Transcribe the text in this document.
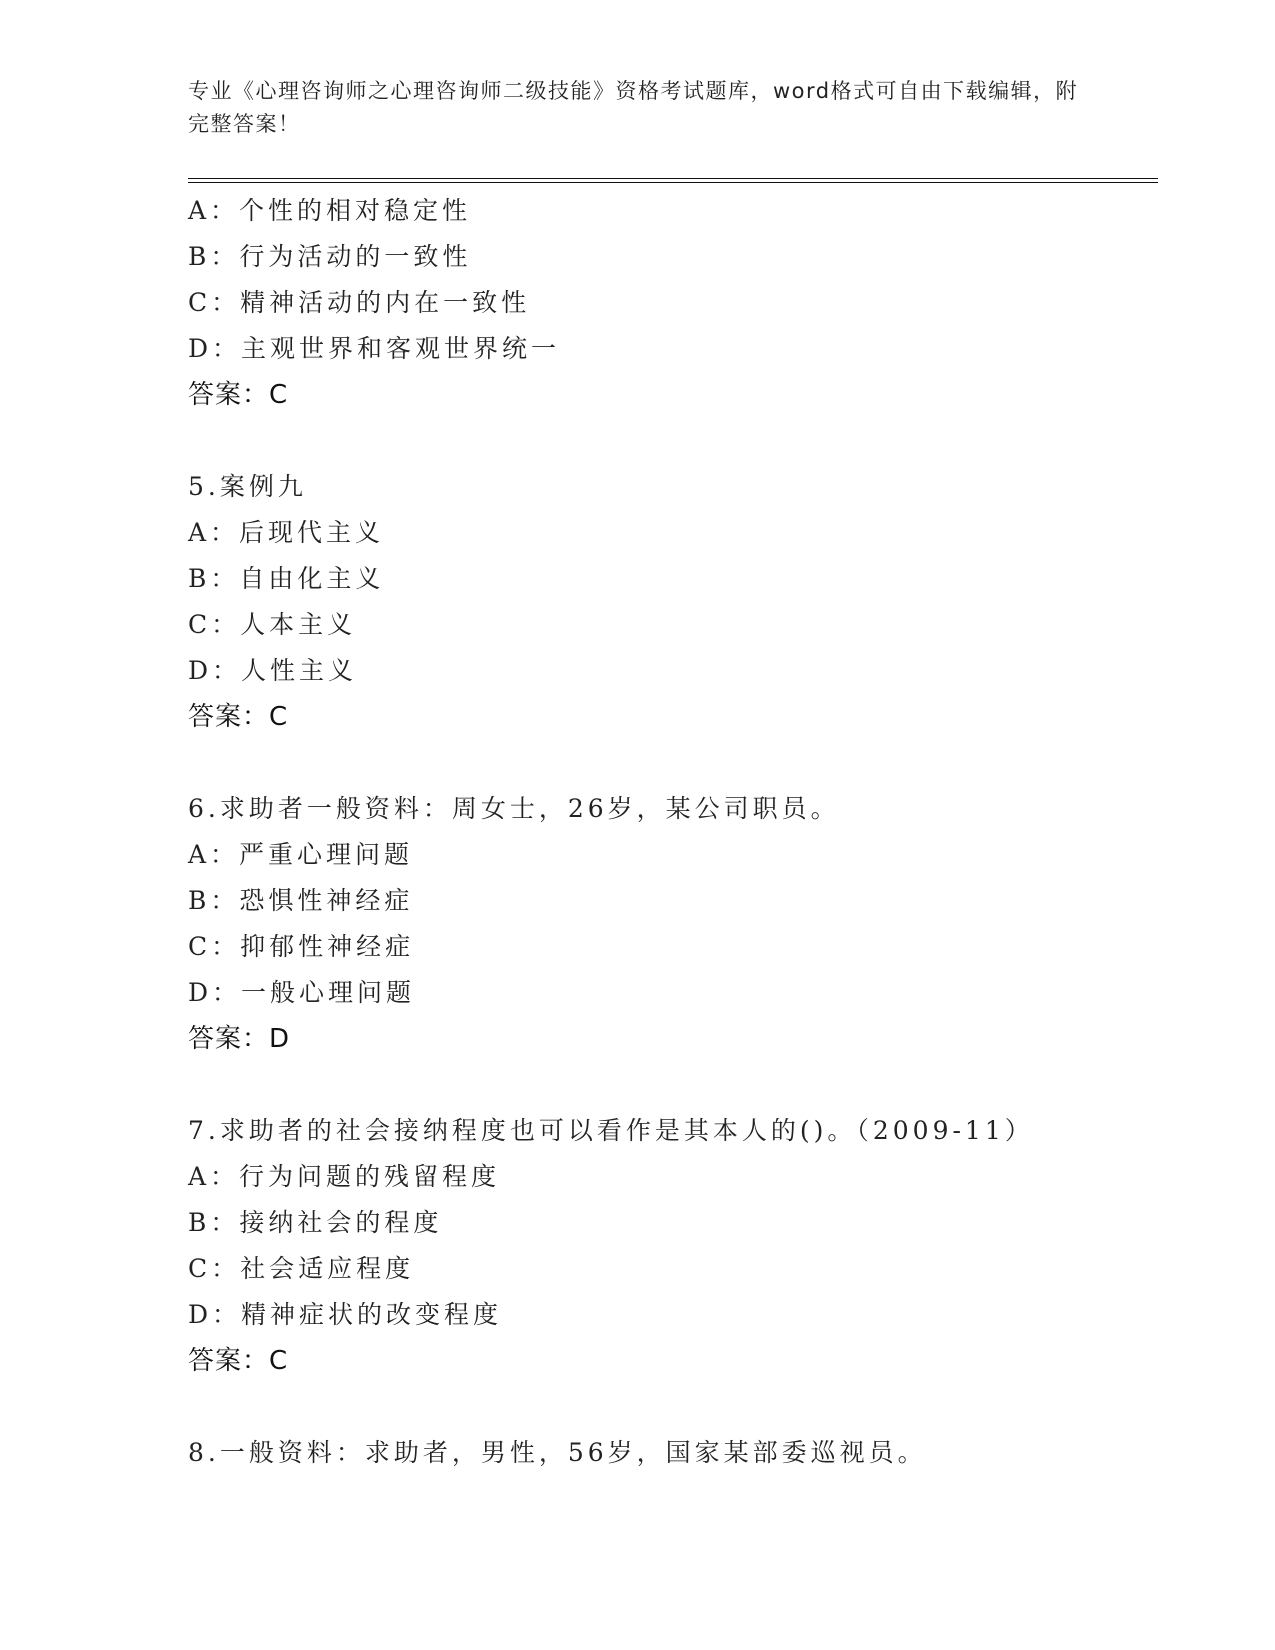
专业《心理咨询师之心理咨询师二级技能》资格考试题库，word格式可自由下载编辑，附完整答案！
A：个性的相对稳定性
B：行为活动的一致性
C：精神活动的内在一致性
D：主观世界和客观世界统一
答案：C
5.案例九
A：后现代主义
B：自由化主义
C：人本主义
D：人性主义
答案：C
6.求助者一般资料：周女士，26岁，某公司职员。
A：严重心理问题
B：恐惧性神经症
C：抑郁性神经症
D：一般心理问题
答案：D
7.求助者的社会接纳程度也可以看作是其本人的()。（2009-11）
A：行为问题的残留程度
B：接纳社会的程度
C：社会适应程度
D：精神症状的改变程度
答案：C
8.一般资料：求助者，男性，56岁，国家某部委巡视员。
